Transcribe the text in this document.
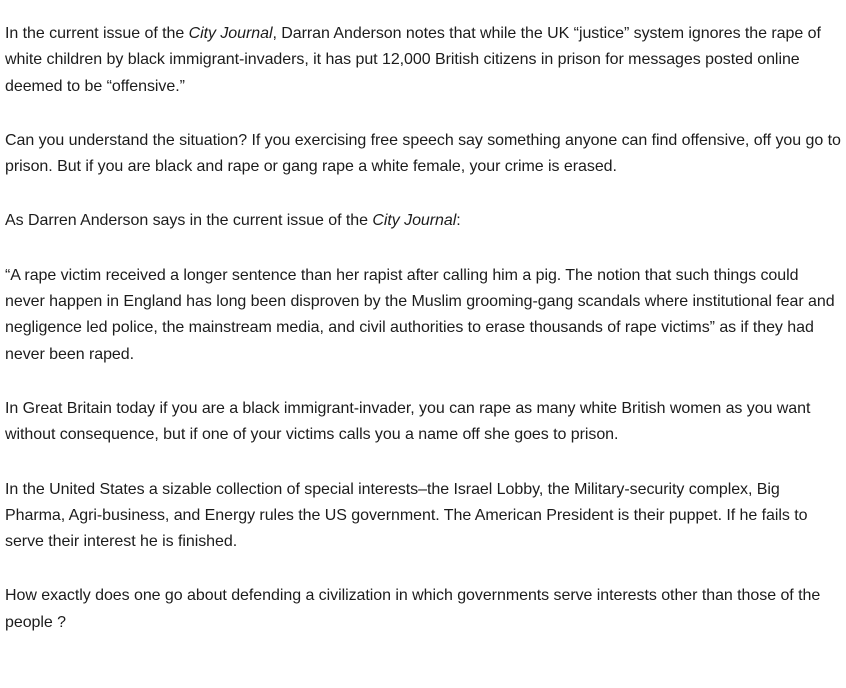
In the current issue of the City Journal, Darran Anderson notes that while the UK “justice” system ignores the rape of white children by black immigrant-invaders, it has put 12,000 British citizens in prison for messages posted online deemed to be “offensive.”

Can you understand the situation? If you exercising free speech say something anyone can find offensive, off you go to prison. But if you are black and rape or gang rape a white female, your crime is erased.

As Darren Anderson says in the current issue of the City Journal:

“A rape victim received a longer sentence than her rapist after calling him a pig. The notion that such things could never happen in England has long been disproven by the Muslim grooming-gang scandals where institutional fear and negligence led police, the mainstream media, and civil authorities to erase thousands of rape victims” as if they had never been raped.

In Great Britain today if you are a black immigrant-invader, you can rape as many white British women as you want without consequence, but if one of your victims calls you a name off she goes to prison.

In the United States a sizable collection of special interests–the Israel Lobby, the Military-security complex, Big Pharma, Agri-business, and Energy rules the US government. The American President is their puppet. If he fails to serve their interest he is finished.

How exactly does one go about defending a civilization in which governments serve interests other than those of the people ?
